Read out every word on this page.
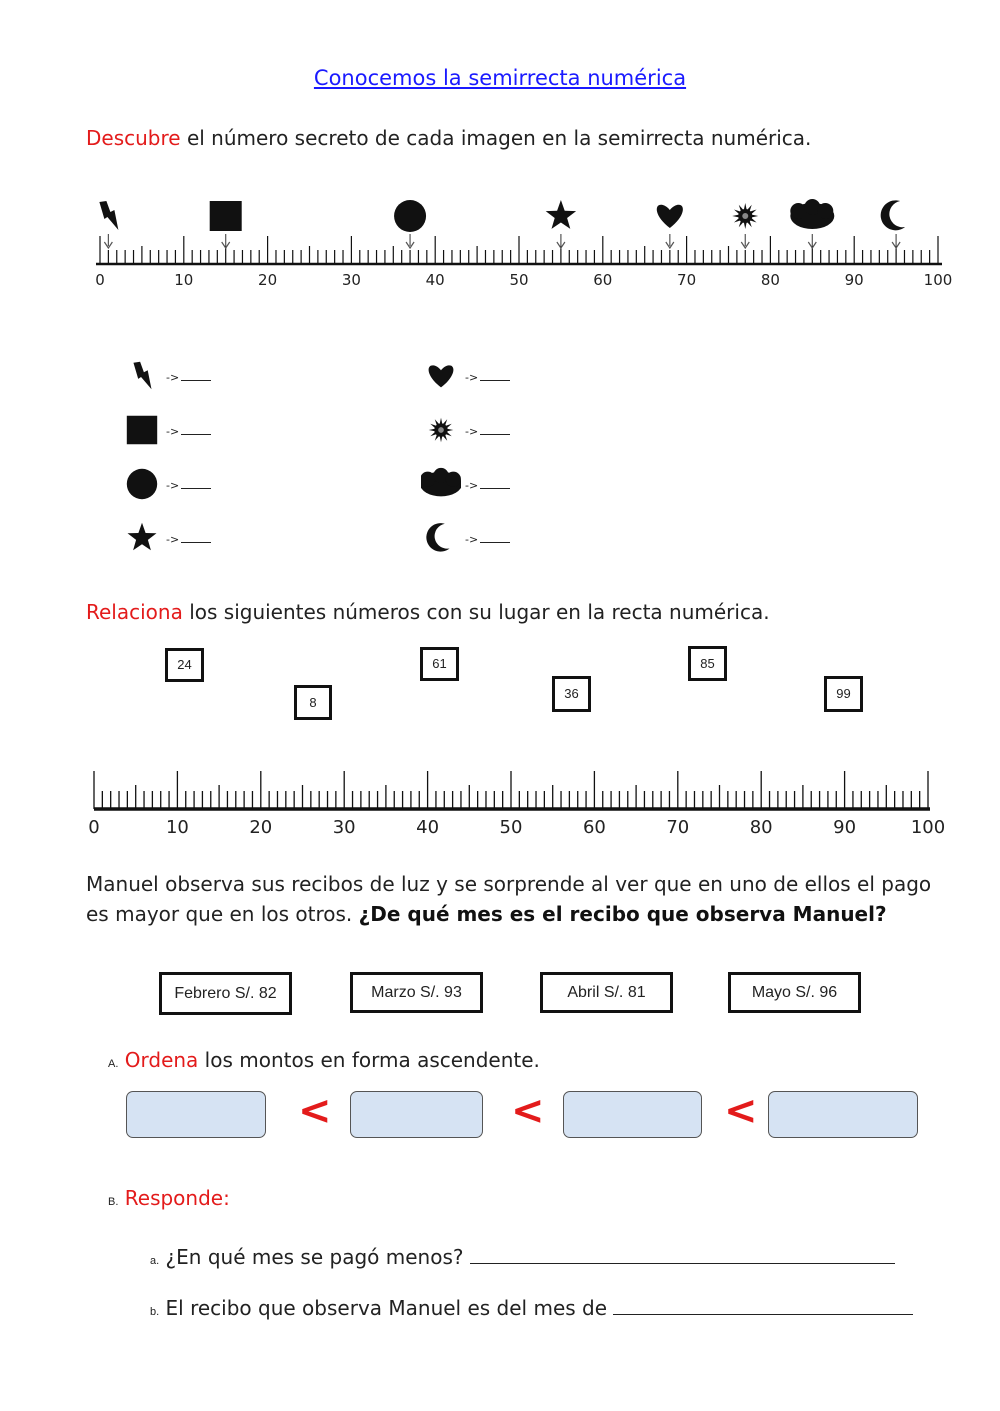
Conocemos la semirrecta numérica
Descubre el número secreto de cada imagen en la semirrecta numérica.
0	10	20	30	40	50	60	70	80	90	100
->
->
->
->
->
->
->
->
Relaciona los siguientes números con su lugar en la recta numérica.
24
8
61
36
85
99
0	10	20	30	40	50	60	70	80	90	100
Manuel observa sus recibos de luz y se sorprende al ver que en uno de ellos el pago
es mayor que en los otros. ¿De qué mes es el recibo que observa Manuel?
Febrero S/. 82	Marzo S/. 93	Abril S/. 81	Mayo S/. 96
A. Ordena los montos en forma ascendente.
<	<	<
B. Responde:
a. ¿En qué mes se pagó menos?
b. El recibo que observa Manuel es del mes de
